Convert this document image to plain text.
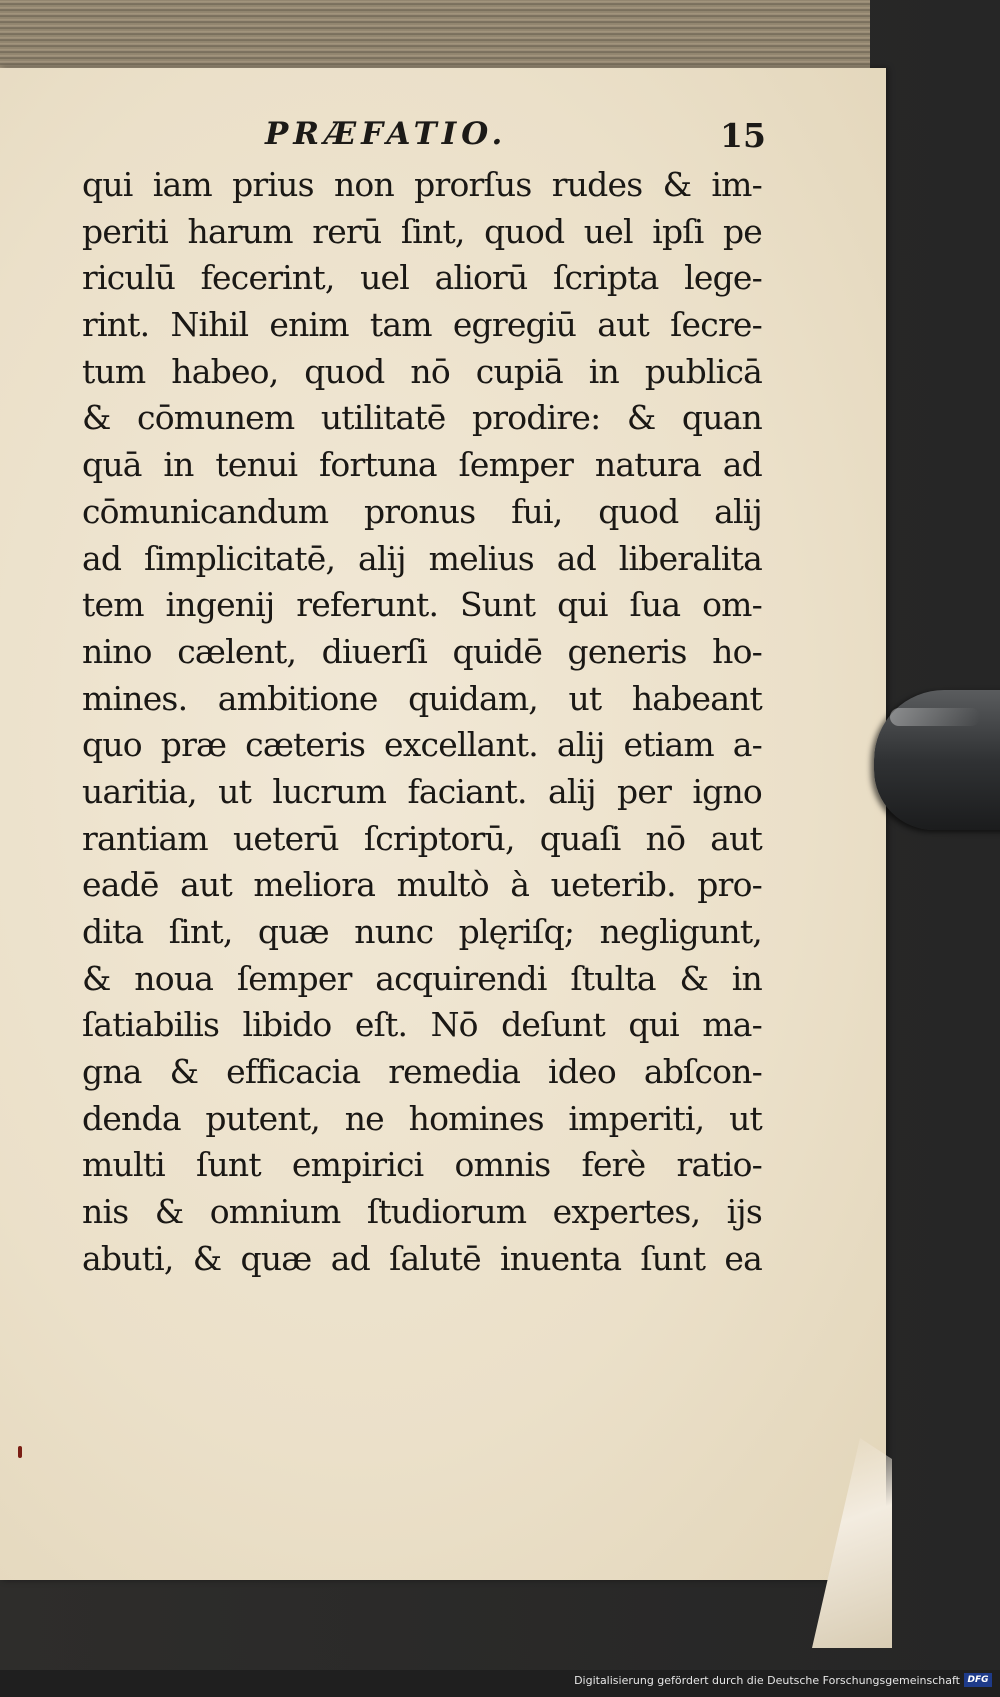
PRÆFATIO.	15
qui iam prius non prorſus rudes & im-
periti harum rerū ſint, quod uel ipſi pe
riculū fecerint, uel aliorū ſcripta lege-
rint. Nihil enim tam egregiū aut ſecre-
tum habeo, quod nō cupiā in publicā
& cōmunem utilitatē prodire: & quan
quā in tenui fortuna ſemper natura ad
cōmunicandum pronus fui, quod alij
ad ſimplicitatē, alij melius ad liberalita
tem ingenij referunt. Sunt qui ſua om-
nino cælent, diuerſi quidē generis ho-
mines. ambitione quidam, ut habeant
quo præ cæteris excellant. alij etiam a-
uaritia, ut lucrum faciant. alij per igno
rantiam ueterū ſcriptorū, quaſi nō aut
eadē aut meliora multò à ueterib. pro-
dita ſint, quæ nunc plęriſq; negligunt,
& noua ſemper acquirendi ſtulta & in
ſatiabilis libido eſt. Nō deſunt qui ma-
gna & efficacia remedia ideo abſcon-
denda putent, ne homines imperiti, ut
multi ſunt empirici omnis ferè ratio-
nis & omnium ſtudiorum expertes, ijs
abuti, & quæ ad ſalutē inuenta ſunt ea
Digitalisierung gefördert durch die Deutsche Forschungsgemeinschaft DFG
